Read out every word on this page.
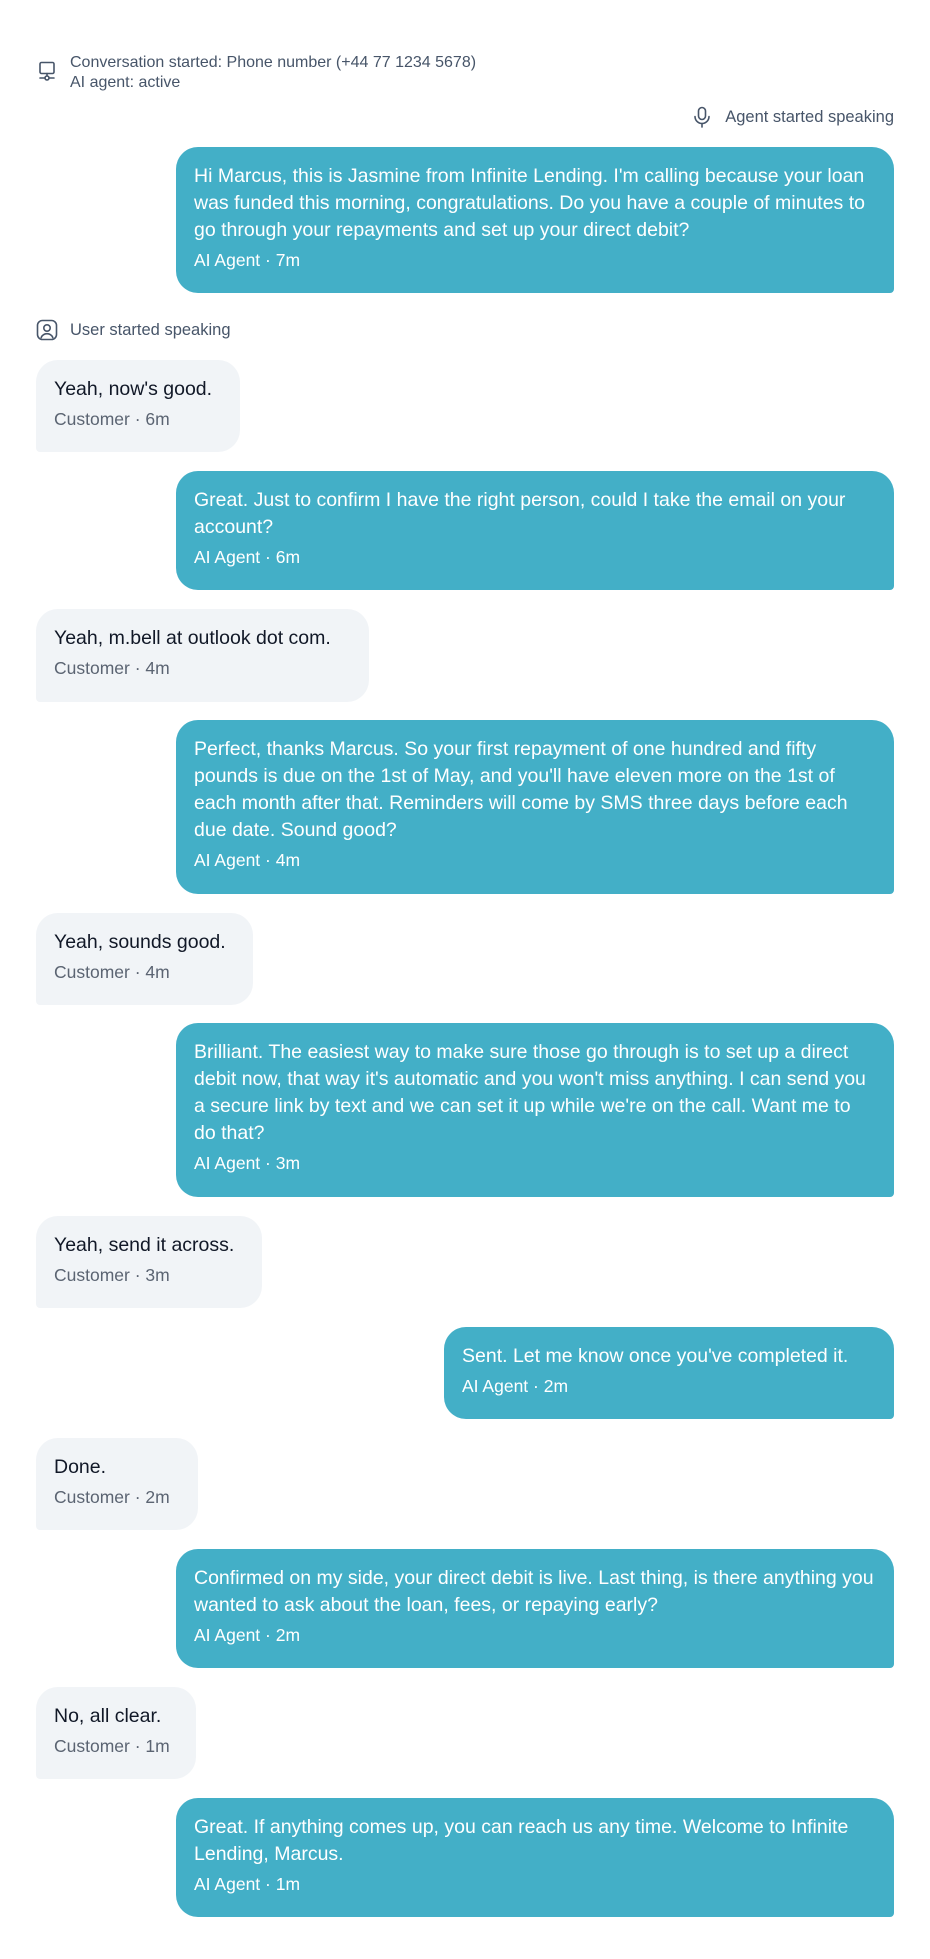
Conversation started: Phone number (+44 77 1234 5678)
AI agent: active
Agent started speaking
Hi Marcus, this is Jasmine from Infinite Lending. I'm calling because your loan was funded this morning, congratulations. Do you have a couple of minutes to go through your repayments and set up your direct debit?
AI Agent · 7m
User started speaking
Yeah, now's good.
Customer · 6m
Great. Just to confirm I have the right person, could I take the email on your account?
AI Agent · 6m
Yeah, m.bell at outlook dot com.
Customer · 4m
Perfect, thanks Marcus. So your first repayment of one hundred and fifty pounds is due on the 1st of May, and you'll have eleven more on the 1st of each month after that. Reminders will come by SMS three days before each due date. Sound good?
AI Agent · 4m
Yeah, sounds good.
Customer · 4m
Brilliant. The easiest way to make sure those go through is to set up a direct debit now, that way it's automatic and you won't miss anything. I can send you a secure link by text and we can set it up while we're on the call. Want me to do that?
AI Agent · 3m
Yeah, send it across.
Customer · 3m
Sent. Let me know once you've completed it.
AI Agent · 2m
Done.
Customer · 2m
Confirmed on my side, your direct debit is live. Last thing, is there anything you wanted to ask about the loan, fees, or repaying early?
AI Agent · 2m
No, all clear.
Customer · 1m
Great. If anything comes up, you can reach us any time. Welcome to Infinite Lending, Marcus.
AI Agent · 1m
